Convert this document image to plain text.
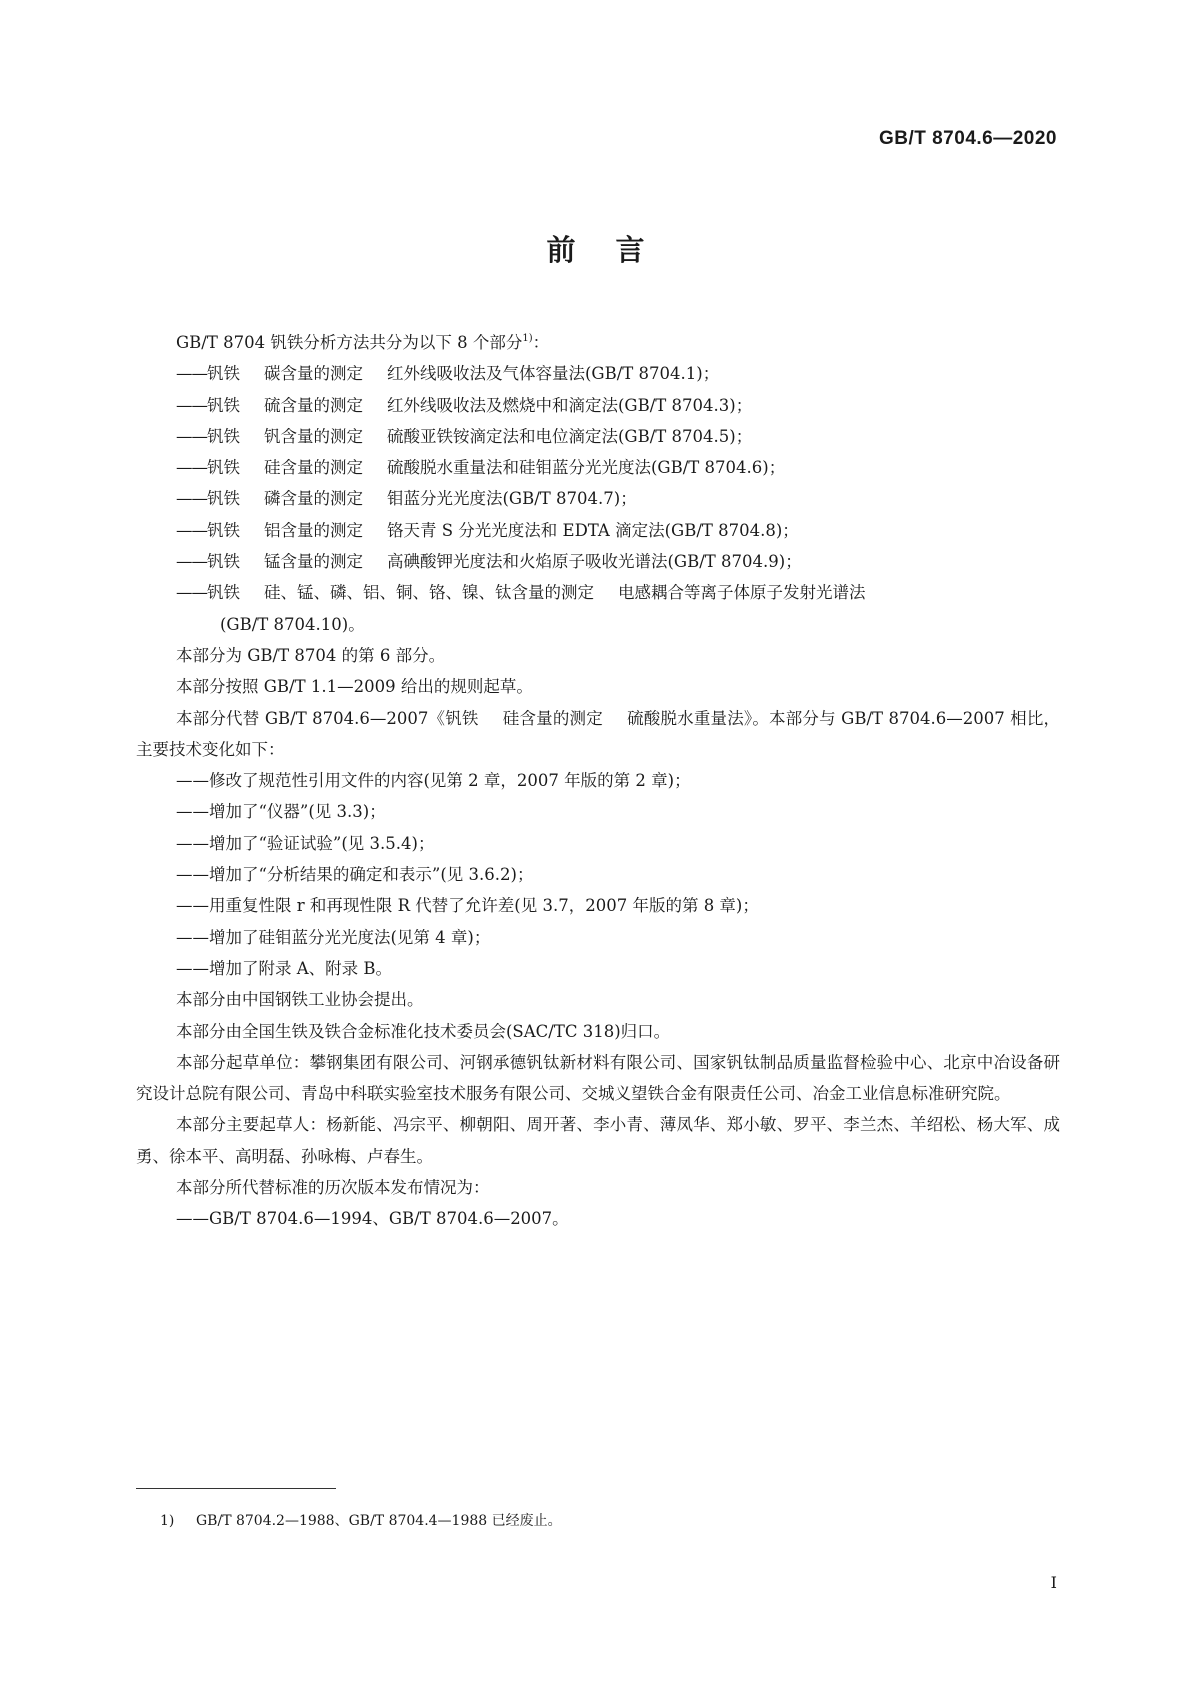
GB/T 8704.6—2020
前言

GB/T 8704 钒铁分析方法共分为以下 8 个部分$^{1)}$：

——钒铁 碳含量的测定 红外线吸收法及气体容量法(GB/T 8704.1)；

——钒铁 硫含量的测定 红外线吸收法及燃烧中和滴定法(GB/T 8704.3)；

——钒铁 钒含量的测定 硫酸亚铁铵滴定法和电位滴定法(GB/T 8704.5)；

——钒铁 硅含量的测定 硫酸脱水重量法和硅钼蓝分光光度法(GB/T 8704.6)；

——钒铁 磷含量的测定 钼蓝分光光度法(GB/T 8704.7)；

——钒铁 铝含量的测定 铬天青 S 分光光度法和 EDTA 滴定法(GB/T 8704.8)；

——钒铁 锰含量的测定 高碘酸钾光度法和火焰原子吸收光谱法(GB/T 8704.9)；

——钒铁 硅、锰、磷、铝、铜、铬、镍、钛含量的测定 电感耦合等离子体原子发射光谱法
(GB/T 8704.10)。

本部分为 GB/T 8704 的第 6 部分。

本部分按照 GB/T 1.1—2009 给出的规则起草。

本部分代替 GB/T 8704.6—2007《钒铁 硅含量的测定 硫酸脱水重量法》。本部分与 GB/T 8704.6—2007 相比，主要技术变化如下：

——修改了规范性引用文件的内容(见第 2 章，2007 年版的第 2 章)；

——增加了“仪器”(见 3.3)；

——增加了“验证试验”(见 3.5.4)；

——增加了“分析结果的确定和表示”(见 3.6.2)；

——用重复性限 r 和再现性限 R 代替了允许差(见 3.7，2007 年版的第 8 章)；

——增加了硅钼蓝分光光度法(见第 4 章)；

——增加了附录 A、附录 B。

本部分由中国钢铁工业协会提出。

本部分由全国生铁及铁合金标准化技术委员会(SAC/TC 318)归口。

本部分起草单位：攀钢集团有限公司、河钢承德钒钛新材料有限公司、国家钒钛制品质量监督检验中心、北京中冶设备研究设计总院有限公司、青岛中科联实验室技术服务有限公司、交城义望铁合金有限责任公司、冶金工业信息标准研究院。

本部分主要起草人：杨新能、冯宗平、柳朝阳、周开著、李小青、薄凤华、郑小敏、罗平、李兰杰、羊绍松、杨大军、成勇、徐本平、高明磊、孙咏梅、卢春生。

本部分所代替标准的历次版本发布情况为：

——GB/T 8704.6—1994、GB/T 8704.6—2007。

1) GB/T 8704.2—1988、GB/T 8704.4—1988 已经废止。
I
